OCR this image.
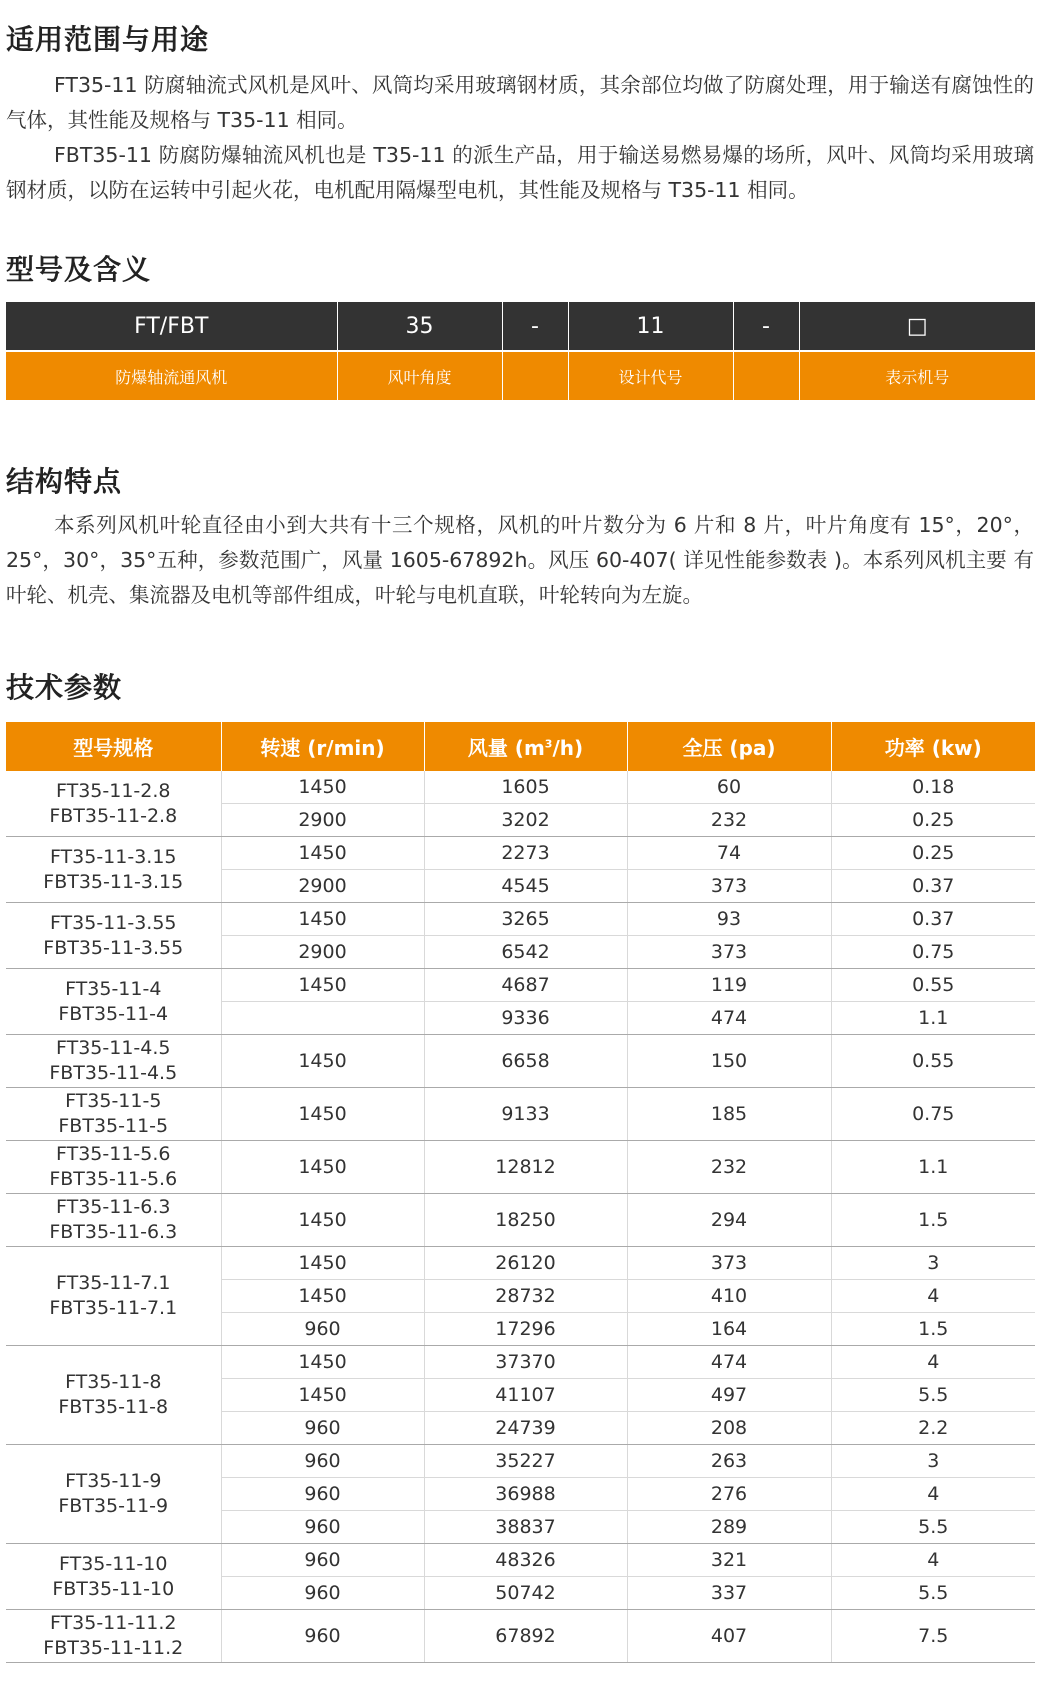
适用范围与用途

FT35-11 防腐轴流式风机是风叶、风筒均采用玻璃钢材质，其余部位均做了防腐处理，用于输送有腐蚀性的气体，其性能及规格与 T35-11 相同。

FBT35-11 防腐防爆轴流风机也是 T35-11 的派生产品，用于输送易燃易爆的场所，风叶、风筒均采用玻璃钢材质，以防在运转中引起火花，电机配用隔爆型电机，其性能及规格与 T35-11 相同。

型号及含义
FT/FBT	35	-	11	-	□
防爆轴流通风机	风叶角度		设计代号		表示机号
结构特点

本系列风机叶轮直径由小到大共有十三个规格，风机的叶片数分为 6 片和 8 片，叶片角度有 15°，20°，25°，30°，35°五种，参数范围广，风量 1605-67892h。风压 60-407( 详见性能参数表 )。本系列风机主要 有叶轮、机壳、集流器及电机等部件组成，叶轮与电机直联，叶轮转向为左旋。

技术参数
型号规格	转速 (r/min)	风量 $(m^3/h)$	全压 (pa)	功率 (kw)

FT35-11-2.8
FBT35-11-2.8	1450	1605	60	0.18
	2900	3202	232	0.25

FT35-11-3.15
FBT35-11-3.15	1450	2273	74	0.25
	2900	4545	373	0.37

FT35-11-3.55
FBT35-11-3.55	1450	3265	93	0.37
	2900	6542	373	0.75

FT35-11-4
FBT35-11-4	1450	4687	119	0.55
		9336	474	1.1

FT35-11-4.5
FBT35-11-4.5	1450	6658	150	0.55

FT35-11-5
FBT35-11-5	1450	9133	185	0.75

FT35-11-5.6
FBT35-11-5.6	1450	12812	232	1.1

FT35-11-6.3
FBT35-11-6.3	1450	18250	294	1.5

FT35-11-7.1
FBT35-11-7.1	1450	26120	373	3
	1450	28732	410	4
	960	17296	164	1.5

FT35-11-8
FBT35-11-8	1450	37370	474	4
	1450	41107	497	5.5
	960	24739	208	2.2

FT35-11-9
FBT35-11-9	960	35227	263	3
	960	36988	276	4
	960	38837	289	5.5

FT35-11-10
FBT35-11-10	960	48326	321	4
	960	50742	337	5.5

FT35-11-11.2
FBT35-11-11.2	960	67892	407	7.5
